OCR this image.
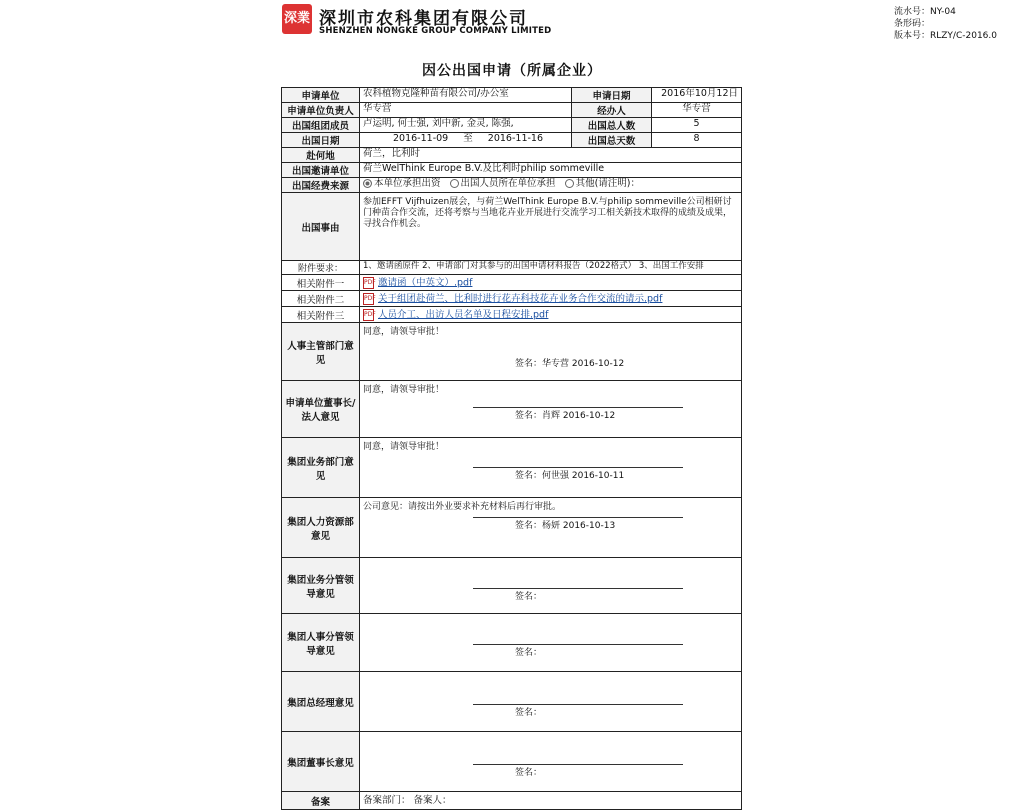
深業 深圳市农科集团有限公司
SHENZHEN NONGKE GROUP COMPANY LIMITED
流水号：NY-04
条形码：
版本号：RLZY/C-2016.0
因公出国申请（所属企业）
申请单位	农科植物克隆种苗有限公司/办公室	申请日期	2016年10月12日
申请单位负责人	华专营	经办人	华专营
出国组团成员	卢运明, 何士强, 刘中新, 金灵, 陈强,	出国总人数	5
出国日期	2016-11-09 至 2016-11-16	出国总天数	8
赴何地	荷兰，比利时		
出国邀请单位	荷兰WelThink Europe B.V.及比利时philip sommeville		
出国经费来源	本单位承担出资 出国人员所在单位承担 其他(请注明)：		
出国事由	参加EFFT Vijfhuizen展会，与荷兰WelThink Europe B.V.与philip sommeville公司相研讨门种苗合作交流，还将考察与当地花卉业开展进行交流学习工相关新技术取得的成绩及成果，寻找合作机会。		
附件要求：	1、邀请函原件 2、申请部门对其参与的出国申请材料报告（2022格式） 3、出国工作安排		
相关附件一	PDF 邀请函（中英文）.pdf		
相关附件二	PDF 关于组团赴荷兰、比利时进行花卉科技花卉业务合作交流的请示.pdf		
相关附件三	PDF 人员介工、出访人员名单及日程安排.pdf		
人事主管部门意见	同意，请领导审批！
签名：华专营 2016-10-12		

申请单位董事长/法人意见	同意，请领导审批！
签名：肖辉 2016-10-12		

集团业务部门意见	同意，请领导审批！
签名：何世强 2016-10-11		

集团人力资源部意见	公司意见：请按出外业要求补充材料后再行审批。
签名：杨妍 2016-10-13		

集团业务分管领导意见	签名：		

集团人事分管领导意见	签名：		

集团总经理意见	签名：		

集团董事长意见	签名：		

备案	备案部门： 备案人：		
